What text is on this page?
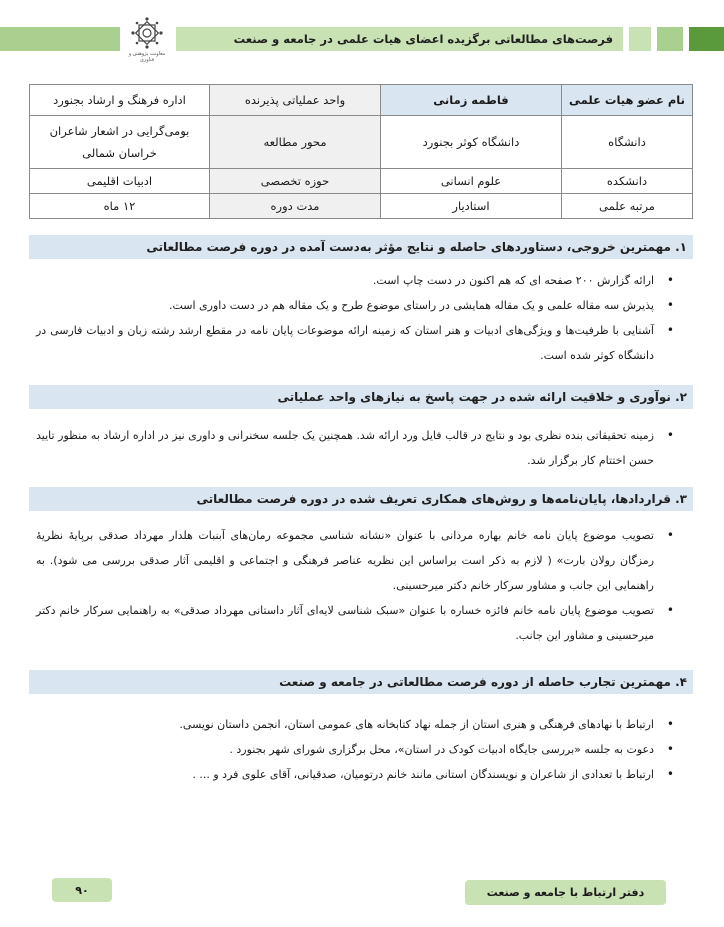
فرصت‌های مطالعاتی برگزیده اعضای هیات علمی در جامعه و صنعت
معاونت پژوهش و فناوری
نام عضو هیات علمی	فاطمه زمانی	واحد عملیاتی پذیرنده	اداره فرهنگ و ارشاد بجنورد
دانشگاه	دانشگاه کوثر بجنورد	محور مطالعه	بومی‌گرایی در اشعار شاعران خراسان شمالی
دانشکده	علوم انسانی	حوزه تخصصی	ادبیات اقلیمی
مرتبه علمی	استادیار	مدت دوره	۱۲ ماه
۱. مهمترین خروجی، دستاوردهای حاصله و نتایج مؤثر به‌دست آمده در دوره فرصت مطالعاتی
• ارائه گزارش ۲۰۰ صفحه ای که هم اکنون در دست چاپ است.
• پذیرش سه مقاله علمی و یک مقاله همایشی در راستای موضوع طرح و یک مقاله هم در دست داوری است.
• آشنایی با ظرفیت‌ها و ویژگی‌های ادبیات و هنر استان که زمینه ارائه موضوعات پایان نامه در مقطع ارشد رشته زبان و ادبیات فارسی در دانشگاه کوثر شده است.
۲. نوآوری و خلاقیت ارائه شده در جهت پاسخ به نیازهای واحد عملیاتی
• زمینه تحقیقاتی بنده نظری بود و نتایج در قالب فایل ورد ارائه شد. همچنین یک جلسه سخنرانی و داوری نیز در اداره ارشاد به منظور تایید حسن اختتام کار برگزار شد.
۳. قراردادها، پایان‌نامه‌ها و روش‌های همکاری تعریف شده در دوره فرصت مطالعاتی
• تصویب موضوع پایان نامه خانم بهاره مردانی با عنوان «نشانه شناسی مجموعه رمان‌های آبنبات هلدار مهرداد صدقی برپایهٔ نظریهٔ رمزگان رولان بارت» ( لازم به ذکر است براساس این نظریه عناصر فرهنگی و اجتماعی و اقلیمی آثار صدقی بررسی می شود). به راهنمایی این جانب و مشاور سرکار خانم دکتر میرحسینی.
• تصویب موضوع پایان نامه خانم فائزه خساره با عنوان «سبک شناسی لایه‌ای آثار داستانی مهرداد صدقی» به راهنمایی سرکار خانم دکتر میرحسینی و مشاور این جانب.
۴. مهمترین تجارب حاصله از دوره فرصت مطالعاتی در جامعه و صنعت
• ارتباط با نهادهای فرهنگی و هنری استان از جمله نهاد کتابخانه های عمومی استان، انجمن داستان نویسی.
• دعوت به جلسه «بررسی جایگاه ادبیات کودک در استان»، محل برگزاری شورای شهر بجنورد .
• ارتباط با تعدادی از شاعران و نویسندگان استانی مانند خانم درتومیان، صدقیانی، آقای علوی فرد و ... .
۹۰	دفتر ارتباط با جامعه و صنعت
